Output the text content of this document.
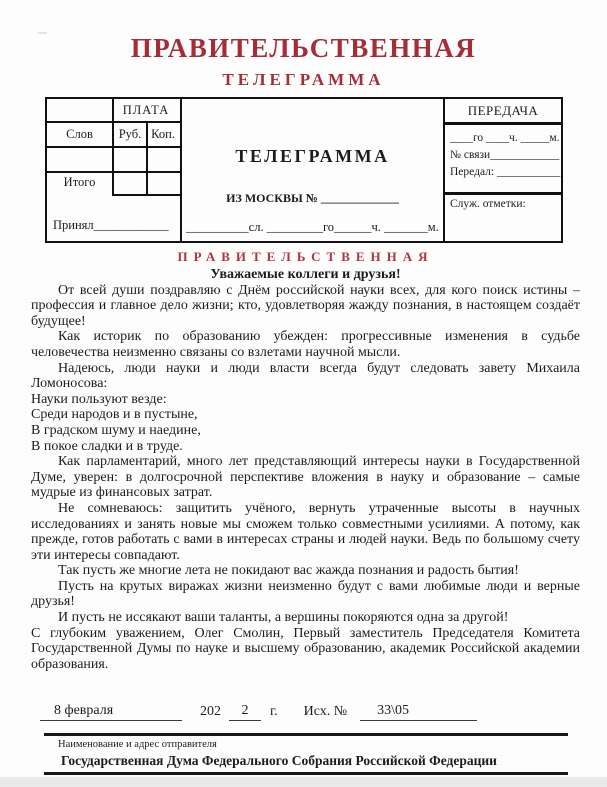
ПРАВИТЕЛЬСТВЕННАЯ
ТЕЛЕГРАММА
ПЛАТА
Слов	Руб. Коп.
Итого
Принял____________
ТЕЛЕГРАММА
ИЗ МОСКВЫ № _____________
__________сл. _________го______ч. _______м.
ПЕРЕДАЧА
____го ____ч. _____м.
№ связи____________
Передал: ___________
Служ. отметки:
ПРАВИТЕЛЬСТВЕННАЯ
Уважаемые коллеги и друзья!

От всей души поздравляю с Днём российской науки всех, для кого поиск истины – профессия и главное дело жизни; кто, удовлетворяя жажду познания, в настоящем создаёт будущее!

Как историк по образованию убежден: прогрессивные изменения в судьбе человечества неизменно связаны со взлетами научной мысли.

Надеюсь, люди науки и люди власти всегда будут следовать завету Михаила Ломоносова:

Науки пользуют везде:

Среди народов и в пустыне,

В градском шуму и наедине,

В покое сладки и в труде.

Как парламентарий, много лет представляющий интересы науки в Государственной Думе, уверен: в долгосрочной перспективе вложения в науку и образование – самые мудрые из финансовых затрат.

Не сомневаюсь: защитить учёного, вернуть утраченные высоты в научных исследованиях и занять новые мы сможем только совместными усилиями. А потому, как прежде, готов работать с вами в интересах страны и людей науки. Ведь по большому счету эти интересы совпадают.

Так пусть же многие лета не покидают вас жажда познания и радость бытия!

Пусть на крутых виражах жизни неизменно будут с вами любимые люди и верные друзья!

И пусть не иссякают ваши таланты, а вершины покоряются одна за другой!

С глубоким уважением, Олег Смолин, Первый заместитель Председателя Комитета Государственной Думы по науке и высшему образованию, академик Российской академии образования.

8 февраля	202	2	г. Исх. №	33\05
Наименование и адрес отправителя
Государственная Дума Федерального Собрания Российской Федерации
